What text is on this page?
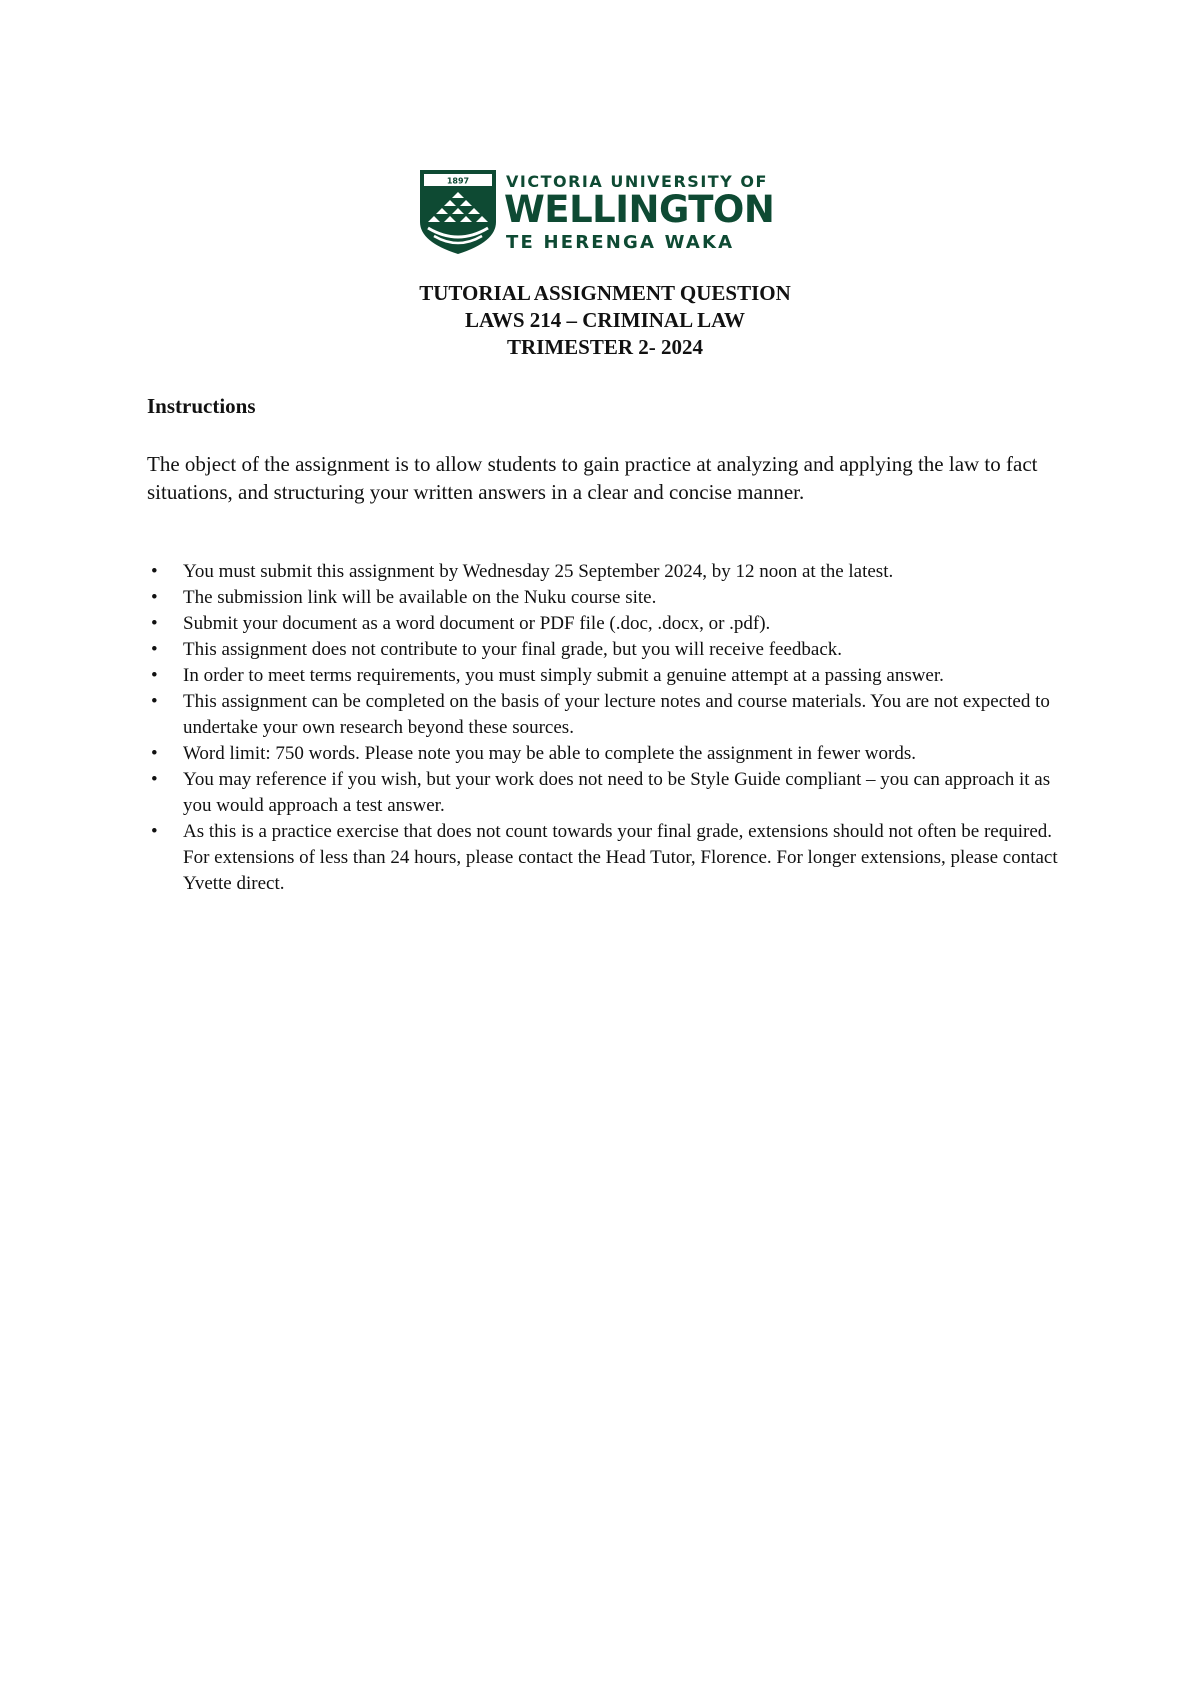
1897 VICTORIA UNIVERSITY OF
WELLINGTON
TE HERENGA WAKA
TUTORIAL ASSIGNMENT QUESTION
LAWS 214 – CRIMINAL LAW
TRIMESTER 2- 2024
Instructions
The object of the assignment is to allow students to gain practice at analyzing and applying the law to fact situations, and structuring your written answers in a clear and concise manner.
• You must submit this assignment by Wednesday 25 September 2024, by 12 noon at the latest.
• The submission link will be available on the Nuku course site.
• Submit your document as a word document or PDF file (.doc, .docx, or .pdf).
• This assignment does not contribute to your final grade, but you will receive feedback.
• In order to meet terms requirements, you must simply submit a genuine attempt at a passing answer.
• This assignment can be completed on the basis of your lecture notes and course materials. You are not expected to undertake your own research beyond these sources.
• Word limit: 750 words. Please note you may be able to complete the assignment in fewer words.
• You may reference if you wish, but your work does not need to be Style Guide compliant – you can approach it as you would approach a test answer.
• As this is a practice exercise that does not count towards your final grade, extensions should not often be required. For extensions of less than 24 hours, please contact the Head Tutor, Florence. For longer extensions, please contact Yvette direct.
